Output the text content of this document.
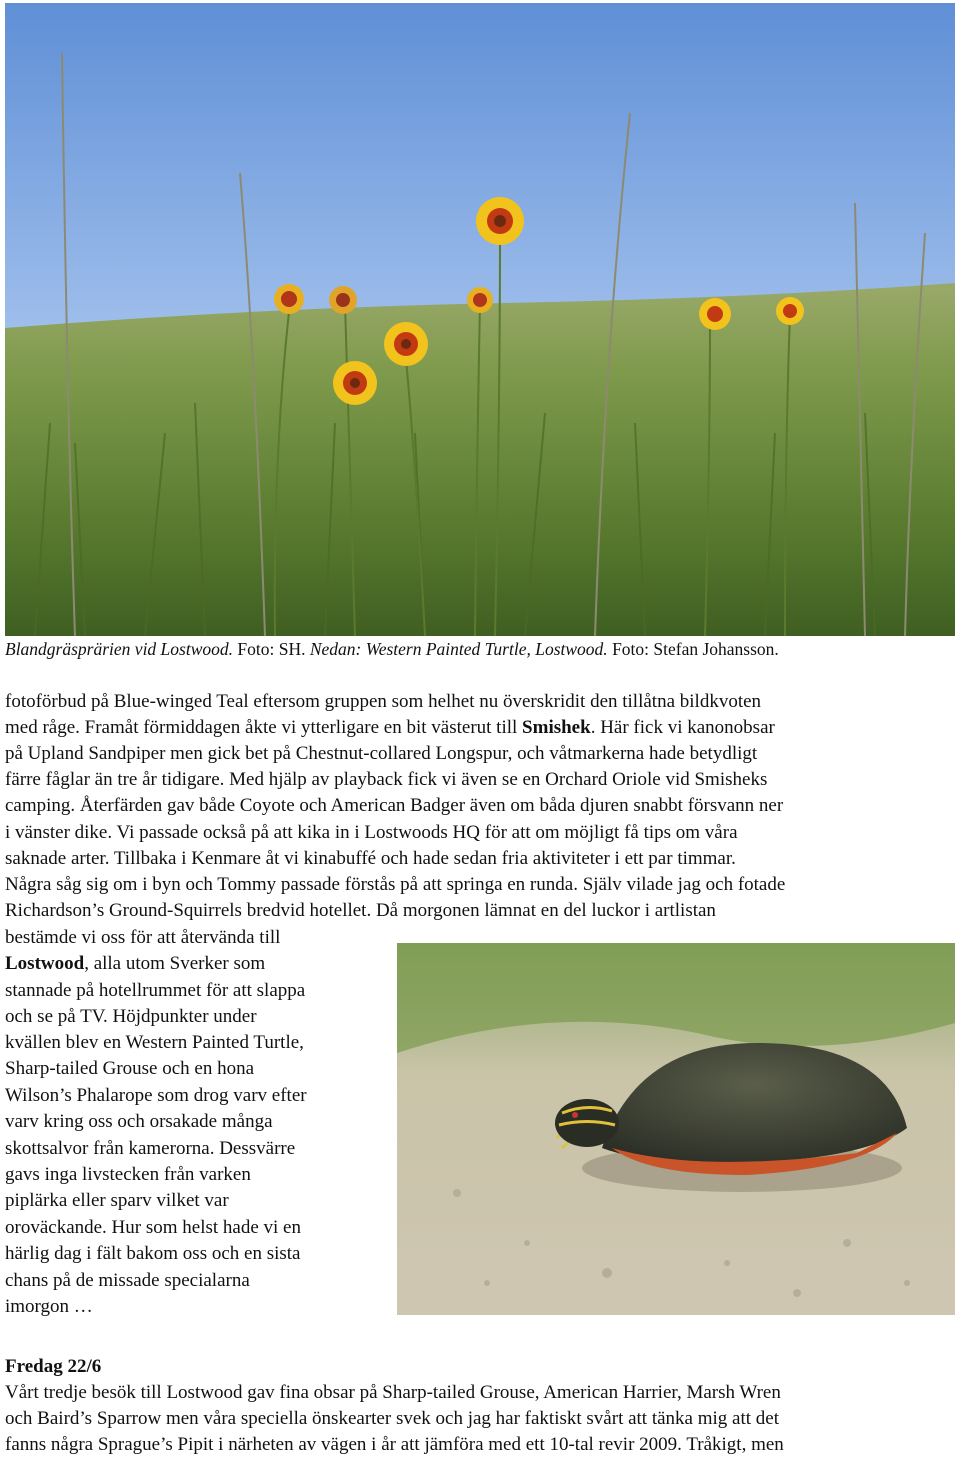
Blandgräsprärien vid Lostwood. Foto: SH. Nedan: Western Painted Turtle, Lostwood. Foto: Stefan Johansson.
fotoförbud på Blue-winged Teal eftersom gruppen som helhet nu överskridit den tillåtna bildkvoten
med råge. Framåt förmiddagen åkte vi ytterligare en bit västerut till Smishek. Här fick vi kanonobsar
på Upland Sandpiper men gick bet på Chestnut-collared Longspur, och våtmarkerna hade betydligt
färre fåglar än tre år tidigare. Med hjälp av playback fick vi även se en Orchard Oriole vid Smisheks
camping. Återfärden gav både Coyote och American Badger även om båda djuren snabbt försvann ner
i vänster dike. Vi passade också på att kika in i Lostwoods HQ för att om möjligt få tips om våra
saknade arter. Tillbaka i Kenmare åt vi kinabuffé och hade sedan fria aktiviteter i ett par timmar.
Några såg sig om i byn och Tommy passade förstås på att springa en runda. Själv vilade jag och fotade
Richardson’s Ground-Squirrels bredvid hotellet. Då morgonen lämnat en del luckor i artlistan
bestämde vi oss för att återvända till
Lostwood, alla utom Sverker som
stannade på hotellrummet för att slappa
och se på TV. Höjdpunkter under
kvällen blev en Western Painted Turtle,
Sharp-tailed Grouse och en hona
Wilson’s Phalarope som drog varv efter
varv kring oss och orsakade många
skottsalvor från kamerorna. Dessvärre
gavs inga livstecken från varken
piplärka eller sparv vilket var
oroväckande. Hur som helst hade vi en
härlig dag i fält bakom oss och en sista
chans på de missade specialarna
imorgon …
Fredag 22/6
Vårt tredje besök till Lostwood gav fina obsar på Sharp-tailed Grouse, American Harrier, Marsh Wren
och Baird’s Sparrow men våra speciella önskearter svek och jag har faktiskt svårt att tänka mig att det
fanns några Sprague’s Pipit i närheten av vägen i år att jämföra med ett 10-tal revir 2009. Tråkigt, men
